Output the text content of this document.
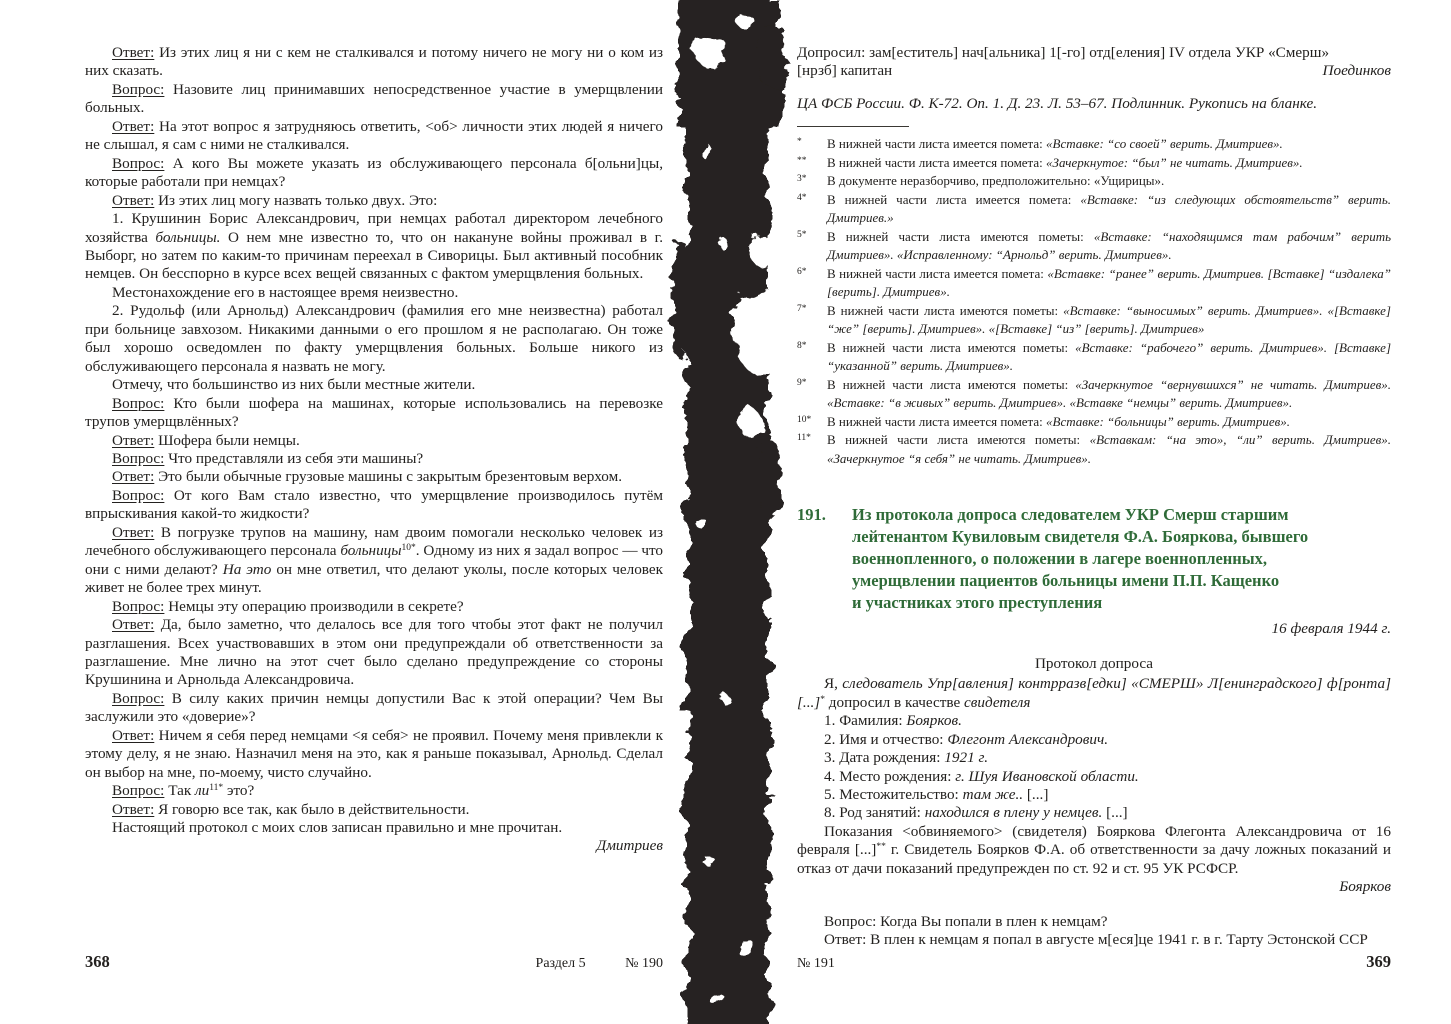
Ответ: Из этих лиц я ни с кем не сталкивался и потому ничего не могу ни о ком из них сказать.
Вопрос: Назовите лиц принимавших непосредственное участие в умерщвлении больных.
Ответ: На этот вопрос я затрудняюсь ответить, <об> личности этих людей я ничего не слышал, я сам с ними не сталкивался.
Вопрос: А кого Вы можете указать из обслуживающего персонала б[ольни]цы, которые работали при немцах?
Ответ: Из этих лиц могу назвать только двух. Это:
1. Крушинин Борис Александрович, при немцах работал директором лечебного хозяйства больницы. О нем мне известно то, что он накануне войны проживал в г. Выборг, но затем по каким-то причинам переехал в Сиворицы. Был активный пособник немцев. Он бесспорно в курсе всех вещей связанных с фактом умерщвления больных.
Местонахождение его в настоящее время неизвестно.
2. Рудольф (или Арнольд) Александрович (фамилия его мне неизвестна) работал при больнице завхозом. Никакими данными о его прошлом я не располагаю. Он тоже был хорошо осведомлен по факту умерщвления больных. Больше никого из обслуживающего персонала я назвать не могу.
Отмечу, что большинство из них были местные жители.
Вопрос: Кто были шофера на машинах, которые использовались на перевозке трупов умерщвлённых?
Ответ: Шофера были немцы.
Вопрос: Что представляли из себя эти машины?
Ответ: Это были обычные грузовые машины с закрытым брезентовым верхом.
Вопрос: От кого Вам стало известно, что умерщвление производилось путём впрыскивания какой-то жидкости?
Ответ: В погрузке трупов на машину, нам двоим помогали несколько человек из лечебного обслуживающего персонала больницы$^{10*}$. Одному из них я задал вопрос — что они с ними делают? На это он мне ответил, что делают уколы, после которых человек живет не более трех минут.
Вопрос: Немцы эту операцию производили в секрете?
Ответ: Да, было заметно, что делалось все для того чтобы этот факт не получил разглашения. Всех участвовавших в этом они предупреждали об ответственности за разглашение. Мне лично на этот счет было сделано предупреждение со стороны Крушинина и Арнольда Александровича.
Вопрос: В силу каких причин немцы допустили Вас к этой операции? Чем Вы заслужили это «доверие»?
Ответ: Ничем я себя перед немцами <я себя> не проявил. Почему меня привлекли к этому делу, я не знаю. Назначил меня на это, как я раньше показывал, Арнольд. Сделал он выбор на мне, по-моему, чисто случайно.
Вопрос: Так $ли^{11*}$ это?
Ответ: Я говорю все так, как было в действительности.
Настоящий протокол с моих слов записан правильно и мне прочитан.
Дмитриев
368	Раздел 5	№ 190
Допросил: зам[еститель] нач[альника] 1[-го] отд[еления] IV отдела УКР «Смерш»
[нрзб] капитан	Поединков
ЦА ФСБ России. Ф. К-72. Оп. 1. Д. 23. Л. 53–67. Подлинник. Рукопись на бланке.
*	В нижней части листа имеется помета: «Вставке: “со своей” верить. Дмитриев».
**	В нижней части листа имеется помета: «Зачеркнутое: “был” не читать. Дмитриев».
3*	В документе неразборчиво, предположительно: «Ущирицы».
4*	В нижней части листа имеется помета: «Вставке: “из следующих обстоятельств” верить. Дмитриев.»
5*	В нижней части листа имеются пометы: «Вставке: “находящимся там рабочим” верить Дмитриев». «Исправленному: “Арнольд” верить. Дмитриев».
6*	В нижней части листа имеется помета: «Вставке: “ранее” верить. Дмитриев. [Вставке] “издалека” [верить]. Дмитриев».
7*	В нижней части листа имеются пометы: «Вставке: “выносимых” верить. Дмитриев». «[Вставке] “же” [верить]. Дмитриев». «[Вставке] “из” [верить]. Дмитриев»
8*	В нижней части листа имеются пометы: «Вставке: “рабочего” верить. Дмитриев». [Вставке] “указанной” верить. Дмитриев».
9*	В нижней части листа имеются пометы: «Зачеркнутое “вернувшихся” не читать. Дмитриев». «Вставке: “в живых” верить. Дмитриев». «Вставке “немцы” верить. Дмитриев».
10*	В нижней части листа имеется помета: «Вставке: “больницы” верить. Дмитриев».
11*	В нижней части листа имеются пометы: «Вставкам: “на это», “ли” верить. Дмитриев». «Зачеркнутое “я себя” не читать. Дмитриев».
191.	Из протокола допроса следователем УКР Смерш старшим
лейтенантом Кувиловым свидетеля Ф.А. Бояркова, бывшего
военнопленного, о положении в лагере военнопленных,
умерщвлении пациентов больницы имени П.П. Кащенко
и участниках этого преступления
16 февраля 1944 г.
Протокол допроса
Я, следователь Упр[авления] контрразв[едки] «СМЕРШ» Л[енинградского] ф[ронта] [...]* допросил в качестве свидетеля
1. Фамилия: Боярков.
2. Имя и отчество: Флегонт Александрович.
3. Дата рождения: 1921 г.
4. Место рождения: г. Шуя Ивановской области.
5. Местожительство: там же.. [...]
8. Род занятий: находился в плену у немцев. [...]
Показания <обвиняемого> (свидетеля) Бояркова Флегонта Александровича от 16 февраля [...]** г. Свидетель Боярков Ф.А. об ответственности за дачу ложных показаний и отказ от дачи показаний предупрежден по ст. 92 и ст. 95 УК РСФСР.
Боярков
Вопрос: Когда Вы попали в плен к немцам?
Ответ: В плен к немцам я попал в августе м[еся]це 1941 г. в г. Тарту Эстонской ССР
№ 191	369
